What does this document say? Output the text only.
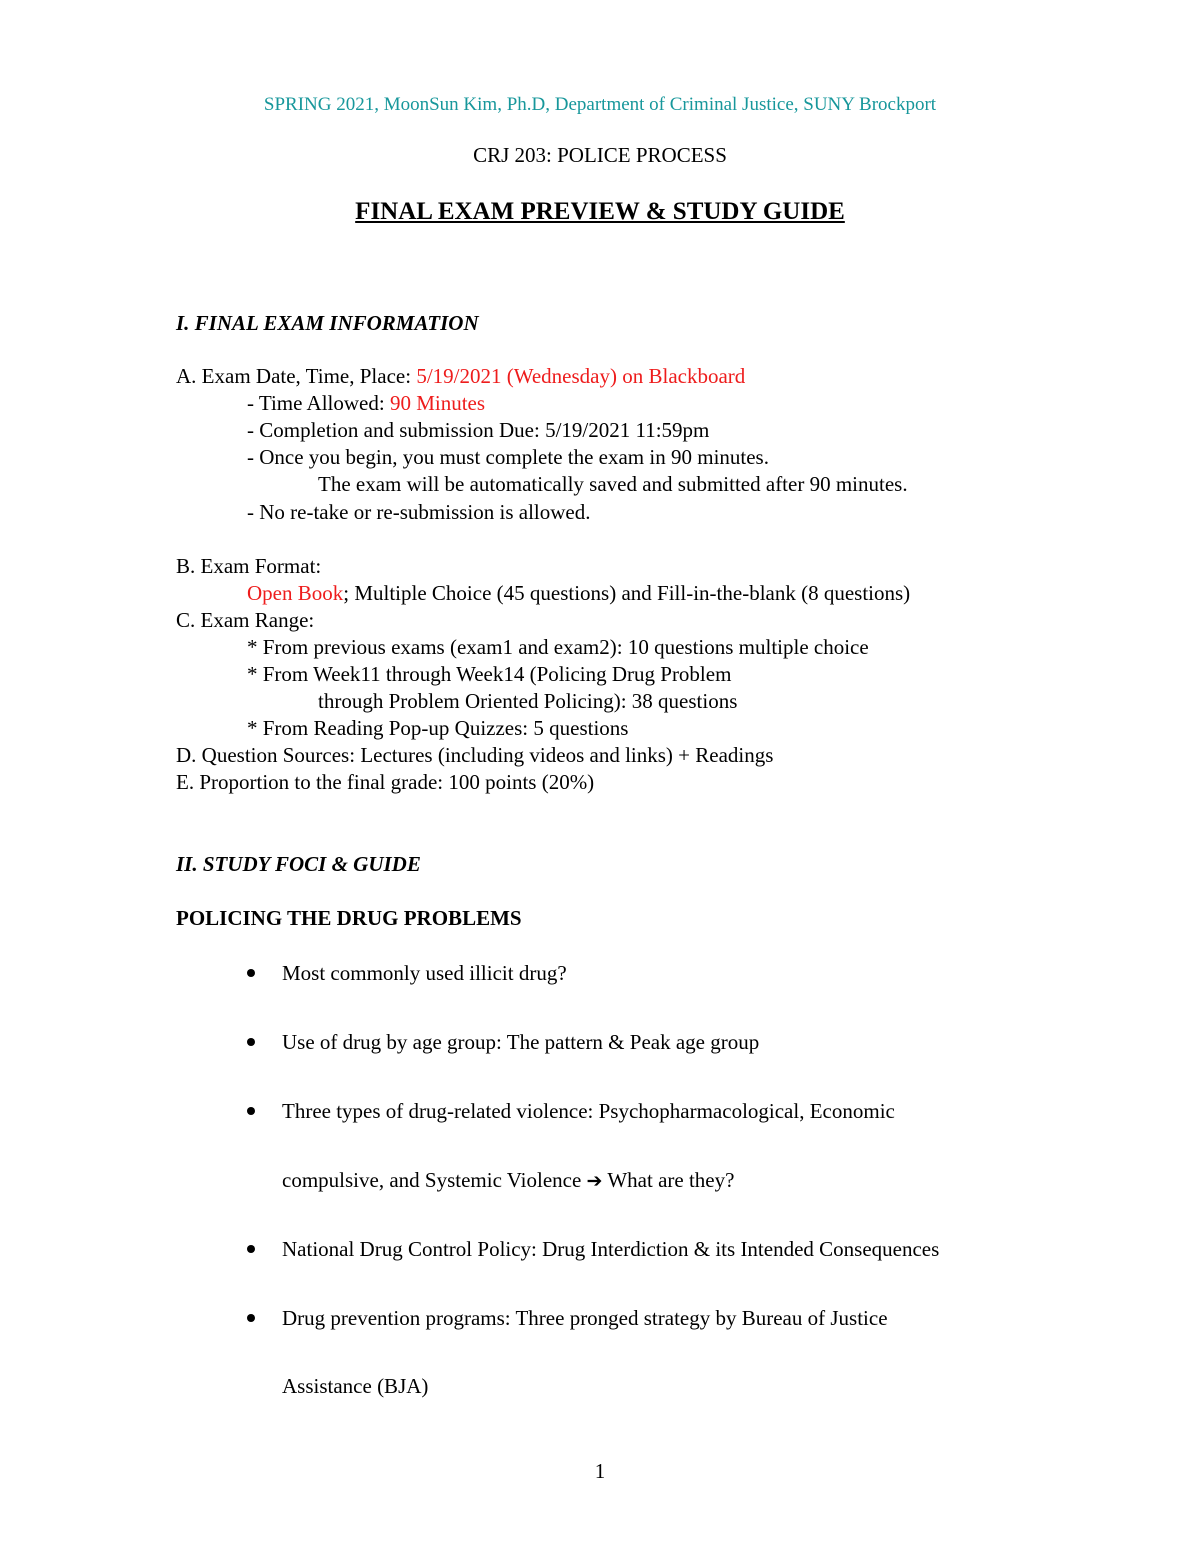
SPRING 2021, MoonSun Kim, Ph.D, Department of Criminal Justice, SUNY Brockport
CRJ 203: POLICE PROCESS
FINAL EXAM PREVIEW & STUDY GUIDE
I. FINAL EXAM INFORMATION
A. Exam Date, Time, Place: 5/19/2021 (Wednesday) on Blackboard
- Time Allowed: 90 Minutes
- Completion and submission Due: 5/19/2021 11:59pm
- Once you begin, you must complete the exam in 90 minutes.
The exam will be automatically saved and submitted after 90 minutes.
- No re-take or re-submission is allowed.
B. Exam Format:
Open Book; Multiple Choice (45 questions) and Fill-in-the-blank (8 questions)
C. Exam Range:
* From previous exams (exam1 and exam2): 10 questions multiple choice
* From Week11 through Week14 (Policing Drug Problem
through Problem Oriented Policing): 38 questions
* From Reading Pop-up Quizzes: 5 questions
D. Question Sources: Lectures (including videos and links) + Readings
E. Proportion to the final grade: 100 points (20%)
II. STUDY FOCI & GUIDE
POLICING THE DRUG PROBLEMS
Most commonly used illicit drug?
Use of drug by age group: The pattern & Peak age group
Three types of drug-related violence: Psychopharmacological, Economic
compulsive, and Systemic Violence ➔ What are they?
National Drug Control Policy: Drug Interdiction & its Intended Consequences
Drug prevention programs: Three pronged strategy by Bureau of Justice
Assistance (BJA)
1
